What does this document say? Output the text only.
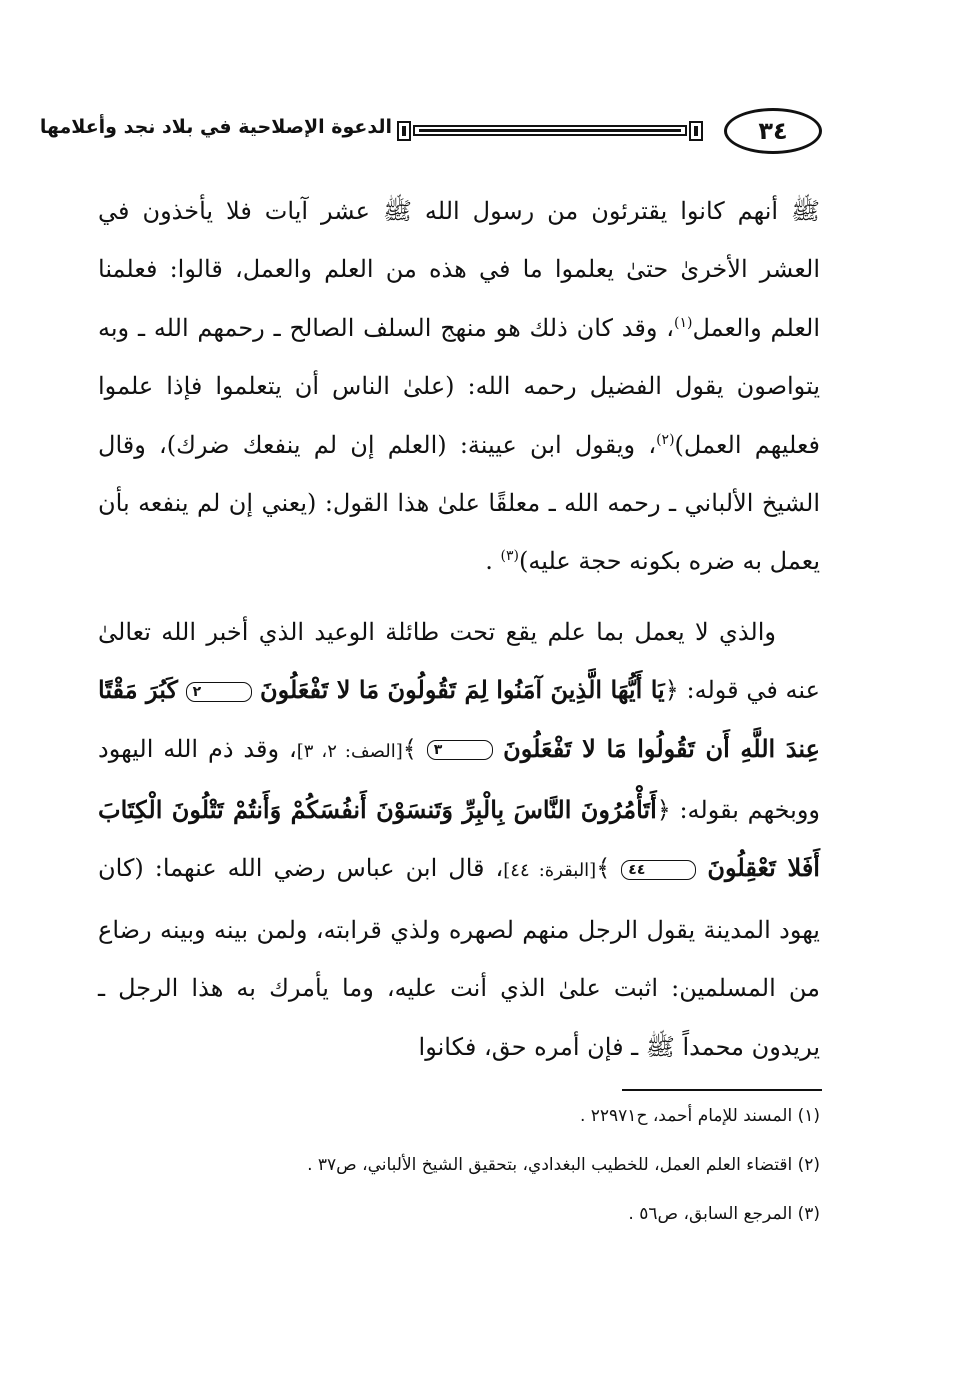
٣٤
الدعوة الإصلاحية في بلاد نجد وأعلامها

ﷺ أنهم كانوا يقترئون من رسول الله ﷺ عشر آيات فلا يأخذون في العشر الأخرىٰ حتىٰ يعلموا ما في هذه من العلم والعمل، قالوا: فعلمنا العلم والعمل$^{(١)}$، وقد كان ذلك هو منهج السلف الصالح ـ رحمهم الله ـ وبه يتواصون يقول الفضيل رحمه الله: (علىٰ الناس أن يتعلموا فإذا علموا فعليهم العمل)$^{(٢)}$، ويقول ابن عيينة: (العلم إن لم ينفعك ضرك)، وقال الشيخ الألباني ـ رحمه الله ـ معلقًا علىٰ هذا القول: (يعني إن لم ينفعه بأن يعمل به ضره بكونه حجة عليه)$^{(٣)}$ .

والذي لا يعمل بما علم يقع تحت طائلة الوعيد الذي أخبر الله تعالىٰ عنه في قوله: ﴿يَا أَيُّهَا الَّذِينَ آمَنُوا لِمَ تَقُولُونَ مَا لا تَفْعَلُونَ ٢ كَبُرَ مَقْتًا عِندَ اللَّهِ أَن تَقُولُوا مَا لا تَفْعَلُونَ ٣ ﴾[الصف: ٢، ٣]، وقد ذم الله اليهود ووبخهم بقوله: ﴿أَتَأْمُرُونَ النَّاسَ بِالْبِرِّ وَتَنسَوْنَ أَنفُسَكُمْ وَأَنتُمْ تَتْلُونَ الْكِتَابَ أَفَلا تَعْقِلُونَ ٤٤ ﴾[البقرة: ٤٤]، قال ابن عباس رضي الله عنهما: (كان يهود المدينة يقول الرجل منهم لصهره ولذي قرابته، ولمن بينه وبينه رضاع من المسلمين: اثبت علىٰ الذي أنت عليه، وما يأمرك به هذا الرجل ـ يريدون محمداً ﷺ ـ فإن أمره حق، فكانوا

(١) المسند للإمام أحمد، ح٢٢٩٧١ .
(٢) اقتضاء العلم العمل، للخطيب البغدادي، بتحقيق الشيخ الألباني، ص٣٧ .
(٣) المرجع السابق، ص٥٦ .
